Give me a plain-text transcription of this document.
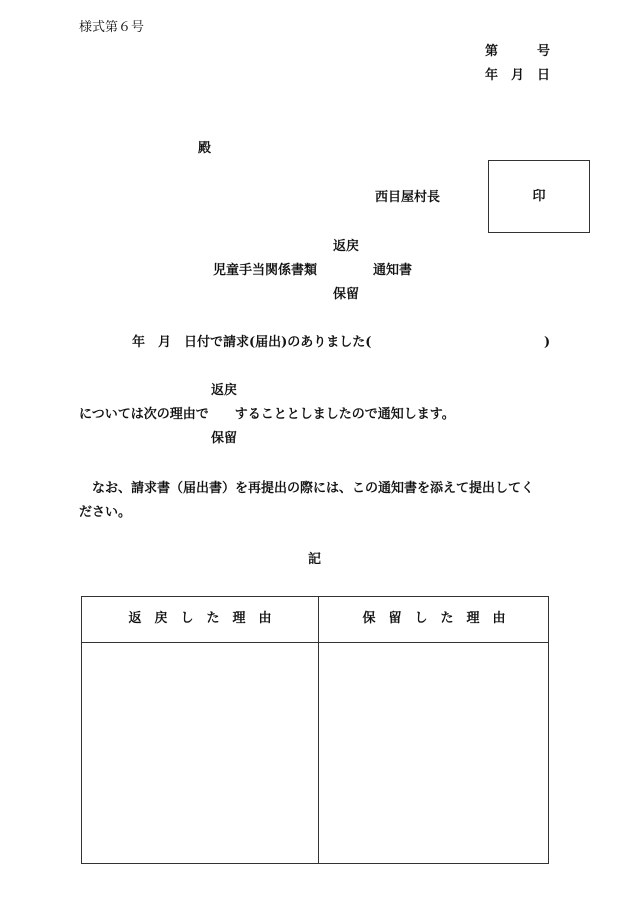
様式第６号
第　　　号
年　月　日
殿
西目屋村長	印
返戻
児童手当関係書類	通知書
保留
年　月　日付で請求(届出)のありました(	)
返戻
については次の理由で　　することとしましたので通知します。
保留
なお、請求書（届出書）を再提出の際には、この通知書を添えて提出してく
ださい。
記
返　戻　し　た　理　由	保　留　し　た　理　由
